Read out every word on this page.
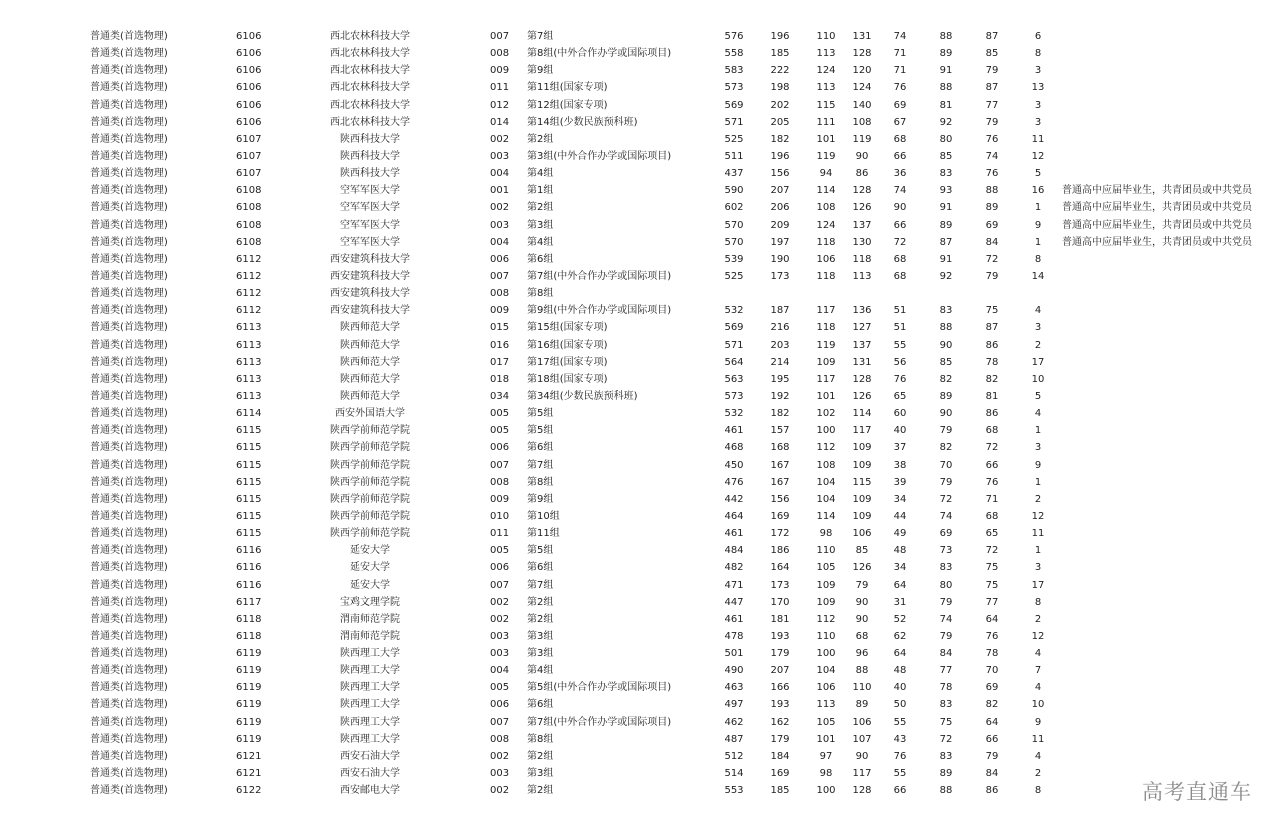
普通类(首选物理)	6106	西北农林科技大学	007 第7组	576	196	110 131	74	88	87	6
普通类(首选物理)	6106	西北农林科技大学	008 第8组(中外合作办学或国际项目)	558	185	113 128	71	89	85	8
普通类(首选物理)	6106	西北农林科技大学	009 第9组	583	222	124 120	71	91	79	3
普通类(首选物理)	6106	西北农林科技大学	011 第11组(国家专项)	573	198	113 124	76	88	87	13
普通类(首选物理)	6106	西北农林科技大学	012 第12组(国家专项)	569	202	115 140	69	81	77	3
普通类(首选物理)	6106	西北农林科技大学	014 第14组(少数民族预科班)	571	205	111 108	67	92	79	3
普通类(首选物理)	6107	陕西科技大学	002 第2组	525	182	101 119	68	80	76	11
普通类(首选物理)	6107	陕西科技大学	003 第3组(中外合作办学或国际项目)	511	196	119	90	66	85	74	12
普通类(首选物理)	6107	陕西科技大学	004 第4组	437	156	94	86	36	83	76	5
普通类(首选物理)	6108	空军军医大学	001 第1组	590	207	114 128	74	93	88	16	普通高中应届毕业生，共青团员或中共党员
普通类(首选物理)	6108	空军军医大学	002 第2组	602	206	108 126	90	91	89	1	普通高中应届毕业生，共青团员或中共党员
普通类(首选物理)	6108	空军军医大学	003 第3组	570	209	124 137	66	89	69	9	普通高中应届毕业生，共青团员或中共党员
普通类(首选物理)	6108	空军军医大学	004 第4组	570	197	118 130	72	87	84	1	普通高中应届毕业生，共青团员或中共党员
普通类(首选物理)	6112	西安建筑科技大学	006 第6组	539	190	106 118	68	91	72	8
普通类(首选物理)	6112	西安建筑科技大学	007 第7组(中外合作办学或国际项目)	525	173	118 113	68	92	79	14
普通类(首选物理)	6112	西安建筑科技大学	008 第8组
普通类(首选物理)	6112	西安建筑科技大学	009 第9组(中外合作办学或国际项目)	532	187	117 136	51	83	75	4
普通类(首选物理)	6113	陕西师范大学	015 第15组(国家专项)	569	216	118 127	51	88	87	3
普通类(首选物理)	6113	陕西师范大学	016 第16组(国家专项)	571	203	119 137	55	90	86	2
普通类(首选物理)	6113	陕西师范大学	017 第17组(国家专项)	564	214	109 131	56	85	78	17
普通类(首选物理)	6113	陕西师范大学	018 第18组(国家专项)	563	195	117 128	76	82	82	10
普通类(首选物理)	6113	陕西师范大学	034 第34组(少数民族预科班)	573	192	101 126	65	89	81	5
普通类(首选物理)	6114	西安外国语大学	005 第5组	532	182	102 114	60	90	86	4
普通类(首选物理)	6115	陕西学前师范学院	005 第5组	461	157	100 117	40	79	68	1
普通类(首选物理)	6115	陕西学前师范学院	006 第6组	468	168	112 109	37	82	72	3
普通类(首选物理)	6115	陕西学前师范学院	007 第7组	450	167	108 109	38	70	66	9
普通类(首选物理)	6115	陕西学前师范学院	008 第8组	476	167	104 115	39	79	76	1
普通类(首选物理)	6115	陕西学前师范学院	009 第9组	442	156	104 109	34	72	71	2
普通类(首选物理)	6115	陕西学前师范学院	010 第10组	464	169	114 109	44	74	68	12
普通类(首选物理)	6115	陕西学前师范学院	011 第11组	461	172	98	106	49	69	65	11
普通类(首选物理)	6116	延安大学	005 第5组	484	186	110	85	48	73	72	1
普通类(首选物理)	6116	延安大学	006 第6组	482	164	105 126	34	83	75	3
普通类(首选物理)	6116	延安大学	007 第7组	471	173	109	79	64	80	75	17
普通类(首选物理)	6117	宝鸡文理学院	002 第2组	447	170	109	90	31	79	77	8
普通类(首选物理)	6118	渭南师范学院	002 第2组	461	181	112	90	52	74	64	2
普通类(首选物理)	6118	渭南师范学院	003 第3组	478	193	110	68	62	79	76	12
普通类(首选物理)	6119	陕西理工大学	003 第3组	501	179	100	96	64	84	78	4
普通类(首选物理)	6119	陕西理工大学	004 第4组	490	207	104	88	48	77	70	7
普通类(首选物理)	6119	陕西理工大学	005 第5组(中外合作办学或国际项目)	463	166	106 110	40	78	69	4
普通类(首选物理)	6119	陕西理工大学	006 第6组	497	193	113	89	50	83	82	10
普通类(首选物理)	6119	陕西理工大学	007 第7组(中外合作办学或国际项目)	462	162	105 106	55	75	64	9
普通类(首选物理)	6119	陕西理工大学	008 第8组	487	179	101 107	43	72	66	11
普通类(首选物理)	6121	西安石油大学	002 第2组	512	184	97	90	76	83	79	4
普通类(首选物理)	6121	西安石油大学	003 第3组	514	169	98	117	55	89	84	2
普通类(首选物理)	6122	西安邮电大学	002 第2组	553	185	100 128	66	88	86	8	高考直通车
